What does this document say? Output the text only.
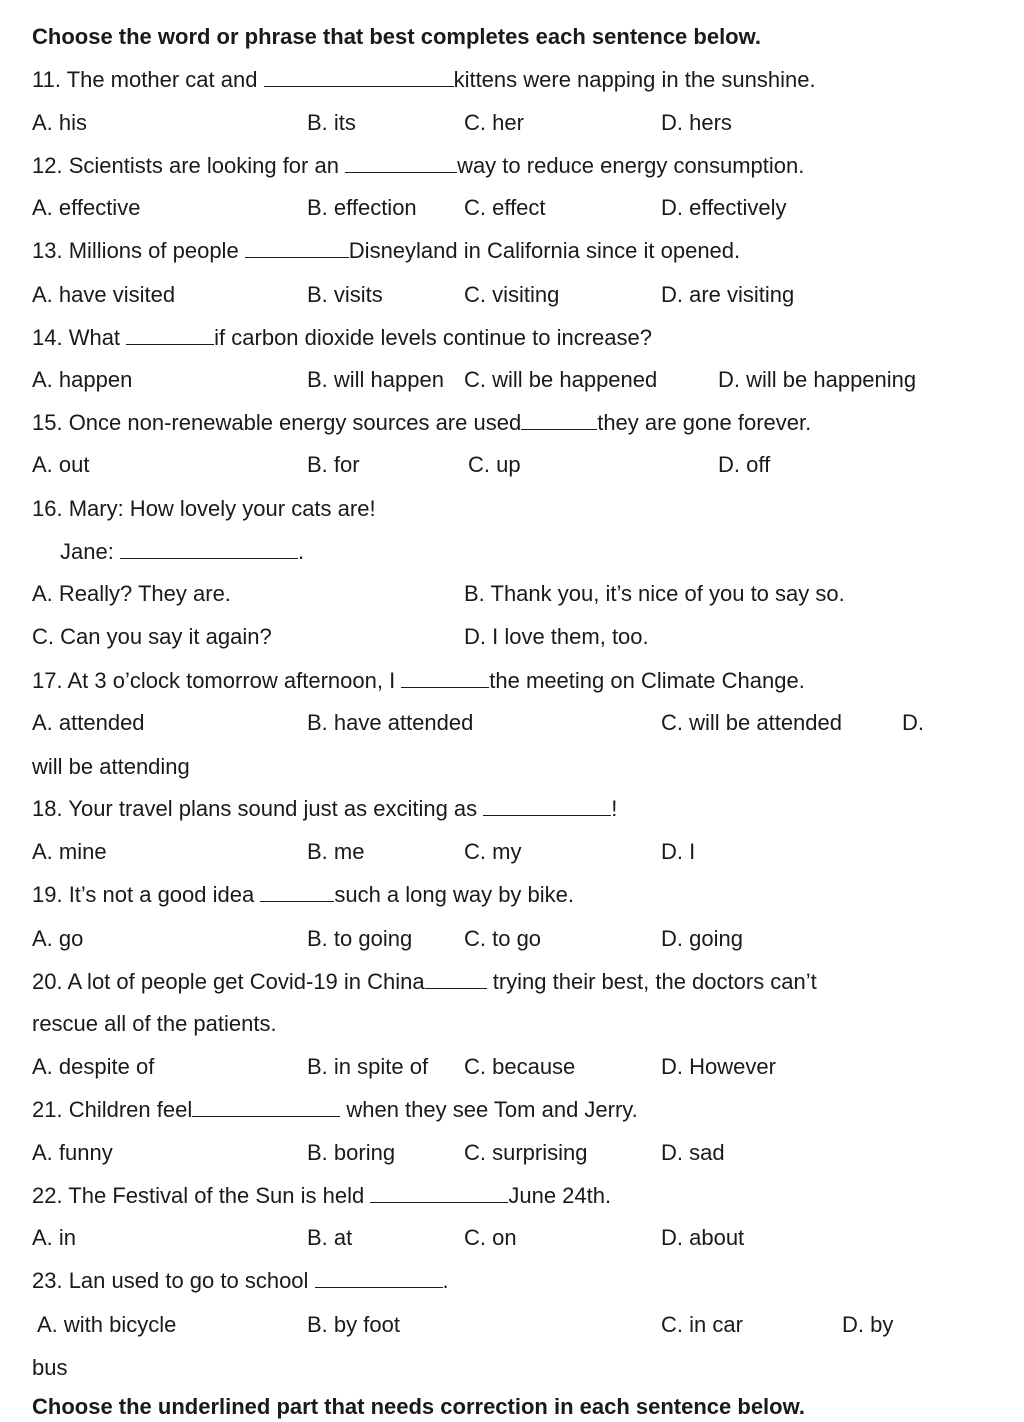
Choose the word or phrase that best completes each sentence below.
11. The mother cat and	kittens were napping in the sunshine.
A. his	B. its	C. her	D. hers
12. Scientists are looking for an	way to reduce energy consumption.
A. effective	B. effection C. effect	D. effectively
13. Millions of people	Disneyland in California since it opened.
A. have visited	B. visits	C. visiting	D. are visiting
14. What	if carbon dioxide levels continue to increase?
A. happen	B. will happen C. will be happened	D. will be happening
15. Once non-renewable energy sources are used	they are gone forever.
A. out	B. for	C. up	D. off
16. Mary: How lovely your cats are!
Jane:	.
A. Really? They are.	B. Thank you, it’s nice of you to say so.
C. Can you say it again?	D. I love them, too.
17. At 3 o’clock tomorrow afternoon, I	the meeting on Climate Change.
A. attended	B. have attended	C. will be attended	D.
will be attending
18. Your travel plans sound just as exciting as	!
A. mine	B. me	C. my	D. I
19. It’s not a good idea	such a long way by bike.
A. go	B. to going C. to go	D. going
20. A lot of people get Covid-19 in China	trying their best, the doctors can’t
rescue all of the patients.
A. despite of	B. in spite of C. because	D. However
21. Children feel	when they see Tom and Jerry.
A. funny	B. boring	C. surprising	D. sad
22. The Festival of the Sun is held	June 24th.
A. in	B. at	C. on	D. about
23. Lan used to go to school	.
A. with bicycle	B. by foot	C. in car	D. by
bus
Choose the underlined part that needs correction in each sentence below.
